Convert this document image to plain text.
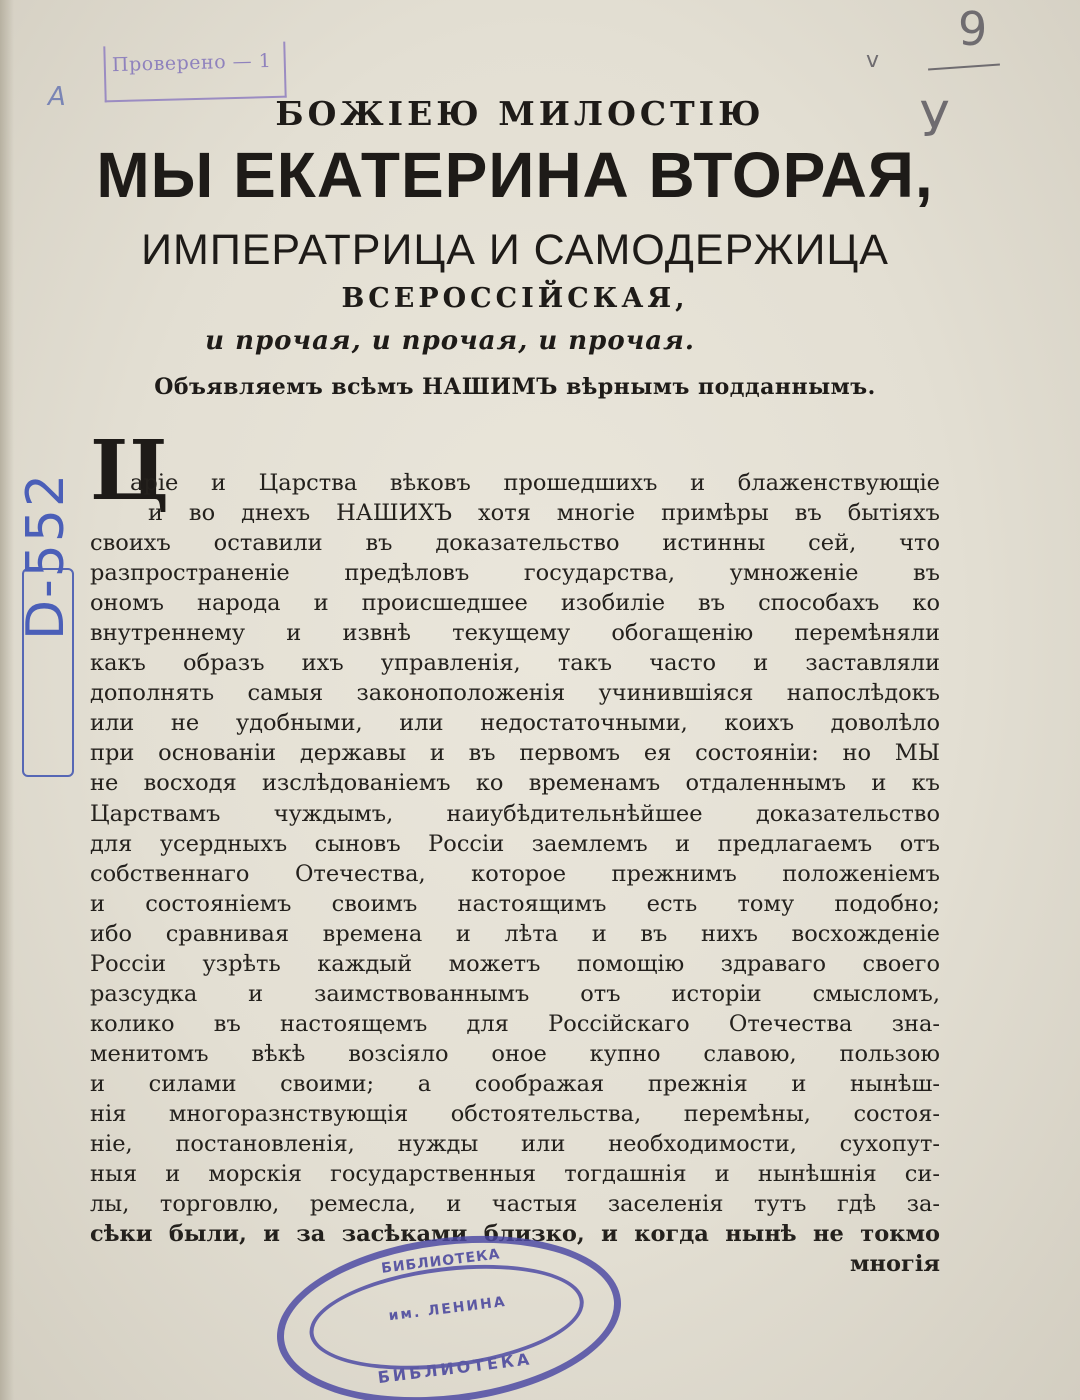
Проверено — 1
А
9
У
v
D-552
БОЖІЕЮ МИЛОСТІЮ
МЫ ЕКАТЕРИНА ВТОРАЯ,
ИМПЕРАТРИЦА И САМОДЕРЖИЦА
ВСЕРОССІЙСКАЯ,
и прочая, и прочая, и прочая.
Объявляемъ всѣмъ НАШИМЪ вѣрнымъ подданнымъ.
Ц
аріе и Царства вѣковъ прошедшихъ и блаженствующіе
и во днехъ НАШИХЪ хотя многіе примѣры въ бытіяхъ
своихъ оставили въ доказательство истинны сей, что
разпространеніе предѣловъ государства, умноженіе въ
ономъ народа и происшедшее изобиліе въ способахъ ко
внутреннему и извнѣ текущему обогащенію перемѣняли
какъ образъ ихъ управленія, такъ часто и заставляли
дополнять самыя законоположенія учинившіяся напослѣдокъ
или не удобными, или недостаточными, коихъ доволѣло
при основаніи державы и въ первомъ ея состояніи: но МЫ
не восходя изслѣдованіемъ ко временамъ отдаленнымъ и къ
Царствамъ чуждымъ, наиубѣдительнѣйшее доказательство
для усердныхъ сыновъ Россіи заемлемъ и предлагаемъ отъ
собственнаго Отечества, которое прежнимъ положеніемъ
и состояніемъ своимъ настоящимъ есть тому подобно;
ибо сравнивая времена и лѣта и въ нихъ восхожденіе
Россіи узрѣть каждый можетъ помощію здраваго своего
разсудка и заимствованнымъ отъ исторіи смысломъ,
колико въ настоящемъ для Россійскаго Отечества зна-
менитомъ вѣкѣ возсіяло оное купно славою, пользою
и силами своими; а соображая прежнія и нынѣш-
нія многоразнствующія обстоятельства, перемѣны, состоя-
ніе, постановленія, нужды или необходимости, сухопут-
ныя и морскія государственныя тогдашнія и нынѣшнія си-
лы, торговлю, ремесла, и частыя заселенія тутъ гдѣ за-
сѣки были, и за засѣками близко, и когда нынѣ не токмо
многія
БИБЛИОТЕКА
им. ЛЕНИНА
БИБЛИОТЕКА
